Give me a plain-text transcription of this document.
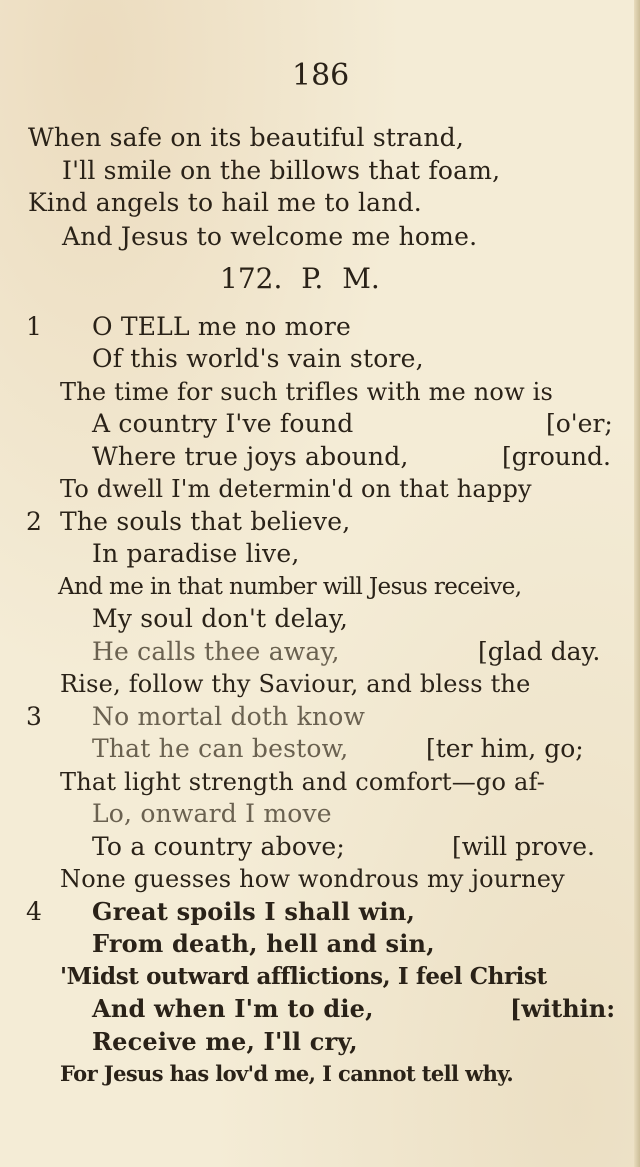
186
When safe on its beautiful strand,
I'll smile on the billows that foam,
Kind angels to hail me to land.
And Jesus to welcome me home.
172. P. M.
1
2
3
4
O TELL me no more
Of this world's vain store,
The time for such trifles with me now is
A country I've found	[o'er;
Where true joys abound,	[ground.
To dwell I'm determin'd on that happy
The souls that believe,
In paradise live,
And me in that number will Jesus receive,
My soul don't delay,
He calls thee away,	[glad day.
Rise, follow thy Saviour, and bless the
No mortal doth know
That he can bestow,	[ter him, go;
That light strength and comfort—go af-
Lo, onward I move
To a country above;	[will prove.
None guesses how wondrous my journey
Great spoils I shall win,
From death, hell and sin,
'Midst outward afflictions, I feel Christ
And when I'm to die,	[within:
Receive me, I'll cry,
For Jesus has lov'd me, I cannot tell why.
